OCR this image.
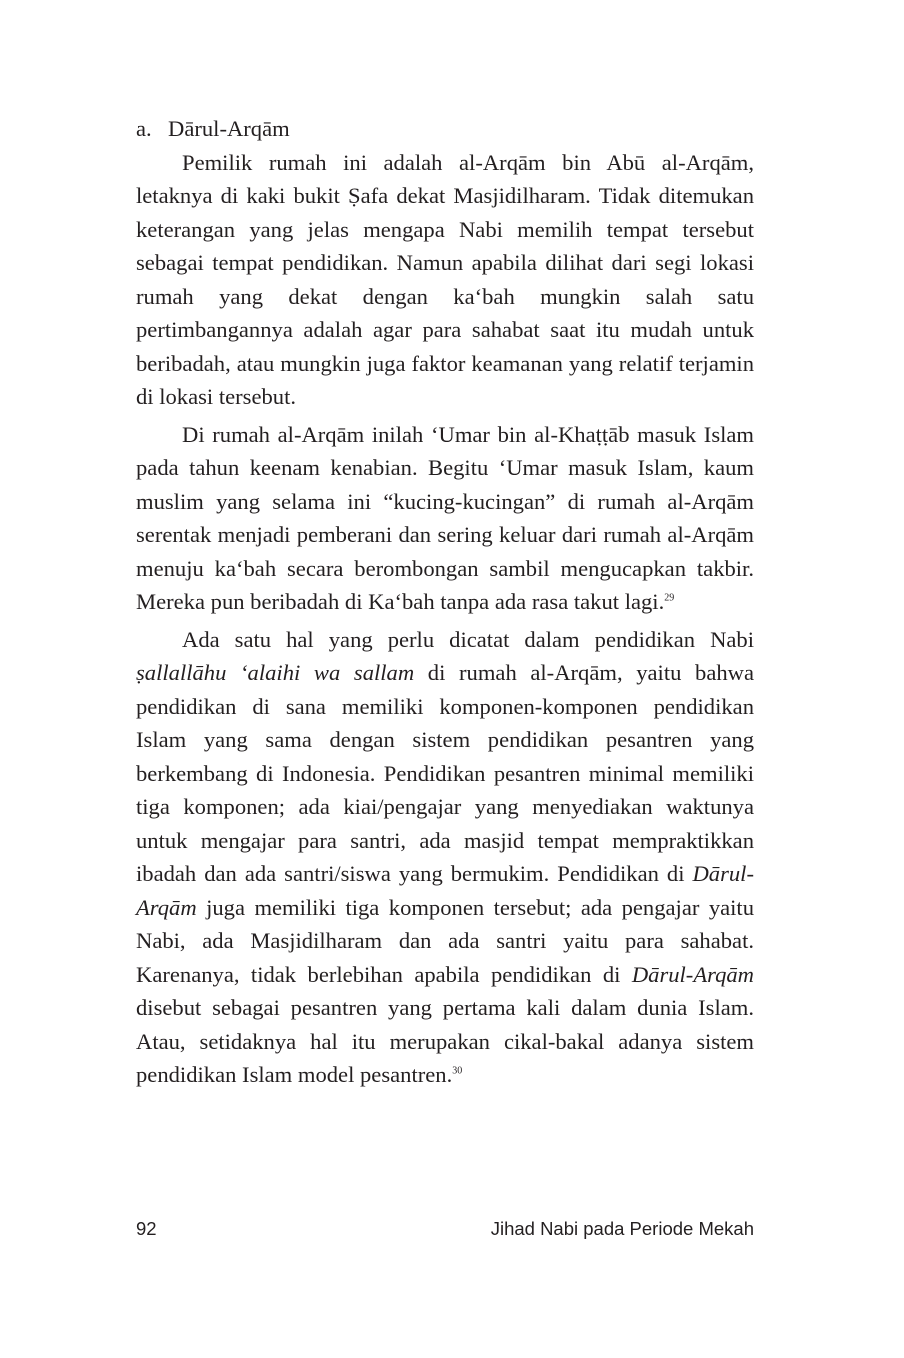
a. Dārul-Arqām

Pemilik rumah ini adalah al-Arqām bin Abū al-Arqām, letaknya di kaki bukit Ṣafa dekat Masjidilharam. Tidak ditemukan keterangan yang jelas mengapa Nabi memilih tempat tersebut sebagai tempat pendidikan. Namun apabila dilihat dari segi lokasi rumah yang dekat dengan ka‘bah mungkin salah satu pertimbangannya adalah agar para sahabat saat itu mudah untuk beribadah, atau mungkin juga faktor keamanan yang relatif terjamin di lokasi tersebut.

Di rumah al-Arqām inilah ‘Umar bin al-Khaṭṭāb masuk Islam pada tahun keenam kenabian. Begitu ‘Umar masuk Islam, kaum muslim yang selama ini “kucing-kucingan” di rumah al-Arqām serentak menjadi pemberani dan sering keluar dari rumah al-Arqām menuju ka‘bah secara berombongan sambil mengucapkan takbir. Mereka pun beribadah di Ka‘bah tanpa ada rasa takut lagi.$^{29}$

Ada satu hal yang perlu dicatat dalam pendidikan Nabi ṣallallāhu ‘alaihi wa sallam di rumah al-Arqām, yaitu bahwa pendidikan di sana memiliki komponen-komponen pendidikan Islam yang sama dengan sistem pendidikan pesantren yang berkembang di Indonesia. Pendidikan pesantren minimal memiliki tiga komponen; ada kiai/pengajar yang menyediakan waktunya untuk mengajar para santri, ada masjid tempat mempraktikkan ibadah dan ada santri/siswa yang bermukim. Pendidikan di Dārul-Arqām juga memiliki tiga komponen tersebut; ada pengajar yaitu Nabi, ada Masjidilharam dan ada santri yaitu para sahabat. Karenanya, tidak berlebihan apabila pendidikan di Dārul-Arqām disebut sebagai pesantren yang pertama kali dalam dunia Islam. Atau, setidaknya hal itu merupakan cikal-bakal adanya sistem pendidikan Islam model pesantren.$^{30}$

92	Jihad Nabi pada Periode Mekah
